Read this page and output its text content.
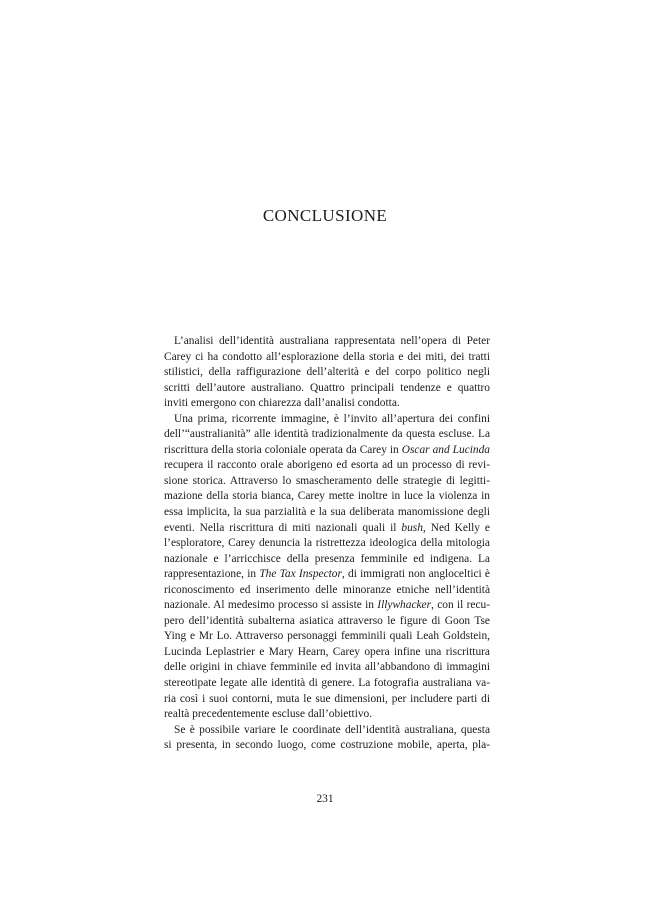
CONCLUSIONE
L’analisi dell’identità australiana rappresentata nell’opera di Peter
Carey ci ha condotto all’esplorazione della storia e dei miti, dei tratti
stilistici, della raffigurazione dell’alterità e del corpo politico negli
scritti dell’autore australiano. Quattro principali tendenze e quattro
inviti emergono con chiarezza dall’analisi condotta.
Una prima, ricorrente immagine, è l’invito all’apertura dei confini
dell’“australianità” alle identità tradizionalmente da questa escluse. La
riscrittura della storia coloniale operata da Carey in Oscar and Lucinda
recupera il racconto orale aborigeno ed esorta ad un processo di revi-
sione storica. Attraverso lo smascheramento delle strategie di legitti-
mazione della storia bianca, Carey mette inoltre in luce la violenza in
essa implicita, la sua parzialità e la sua deliberata manomissione degli
eventi. Nella riscrittura di miti nazionali quali il bush, Ned Kelly e
l’esploratore, Carey denuncia la ristrettezza ideologica della mitologia
nazionale e l’arricchisce della presenza femminile ed indigena. La
rappresentazione, in The Tax Inspector, di immigrati non angloceltici è
riconoscimento ed inserimento delle minoranze etniche nell’identità
nazionale. Al medesimo processo si assiste in Illywhacker, con il recu-
pero dell’identità subalterna asiatica attraverso le figure di Goon Tse
Ying e Mr Lo. Attraverso personaggi femminili quali Leah Goldstein,
Lucinda Leplastrier e Mary Hearn, Carey opera infine una riscrittura
delle origini in chiave femminile ed invita all’abbandono di immagini
stereotipate legate alle identità di genere. La fotografia australiana va-
ria così i suoi contorni, muta le sue dimensioni, per includere parti di
realtà precedentemente escluse dall’obiettivo.
Se è possibile variare le coordinate dell’identità australiana, questa
si presenta, in secondo luogo, come costruzione mobile, aperta, pla-
231
